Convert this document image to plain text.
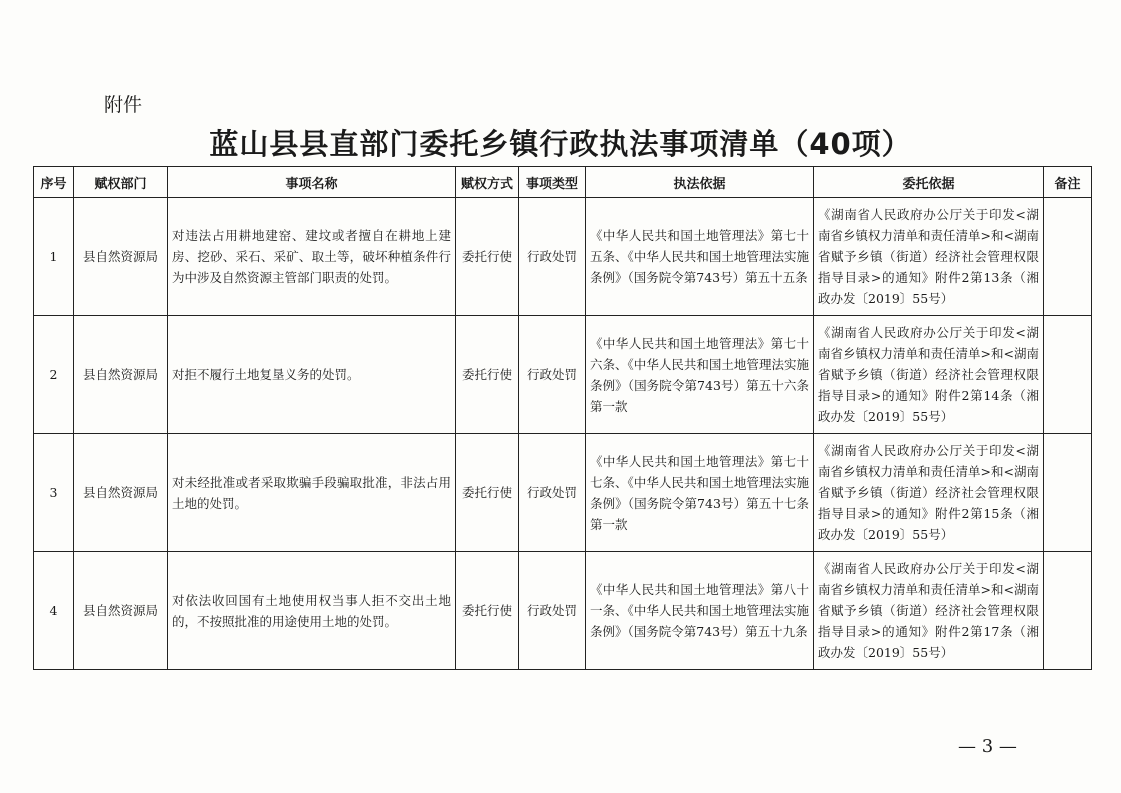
附件
蓝山县县直部门委托乡镇行政执法事项清单（40项）
序号	赋权部门	事项名称	赋权方式	事项类型	执法依据	委托依据	备注
1	县自然资源局	对违法占用耕地建窑、建坟或者擅自在耕地上建房、挖砂、采石、采矿、取土等，破坏种植条件行为中涉及自然资源主管部门职责的处罚。	委托行使	行政处罚	《中华人民共和国土地管理法》第七十五条、《中华人民共和国土地管理法实施条例》（国务院令第743号）第五十五条	《湖南省人民政府办公厅关于印发<湖南省乡镇权力清单和责任清单>和<湖南省赋予乡镇（街道）经济社会管理权限指导目录>的通知》附件2第13条（湘政办发〔2019〕55号）	
2	县自然资源局	对拒不履行土地复垦义务的处罚。	委托行使	行政处罚	《中华人民共和国土地管理法》第七十六条、《中华人民共和国土地管理法实施条例》（国务院令第743号）第五十六条第一款	《湖南省人民政府办公厅关于印发<湖南省乡镇权力清单和责任清单>和<湖南省赋予乡镇（街道）经济社会管理权限指导目录>的通知》附件2第14条（湘政办发〔2019〕55号）	
3	县自然资源局	对未经批准或者采取欺骗手段骗取批准，非法占用土地的处罚。	委托行使	行政处罚	《中华人民共和国土地管理法》第七十七条、《中华人民共和国土地管理法实施条例》（国务院令第743号）第五十七条第一款	《湖南省人民政府办公厅关于印发<湖南省乡镇权力清单和责任清单>和<湖南省赋予乡镇（街道）经济社会管理权限指导目录>的通知》附件2第15条（湘政办发〔2019〕55号）	
4	县自然资源局	对依法收回国有土地使用权当事人拒不交出土地的，不按照批准的用途使用土地的处罚。	委托行使	行政处罚	《中华人民共和国土地管理法》第八十一条、《中华人民共和国土地管理法实施条例》（国务院令第743号）第五十九条	《湖南省人民政府办公厅关于印发<湖南省乡镇权力清单和责任清单>和<湖南省赋予乡镇（街道）经济社会管理权限指导目录>的通知》附件2第17条（湘政办发〔2019〕55号）	
— 3 —
